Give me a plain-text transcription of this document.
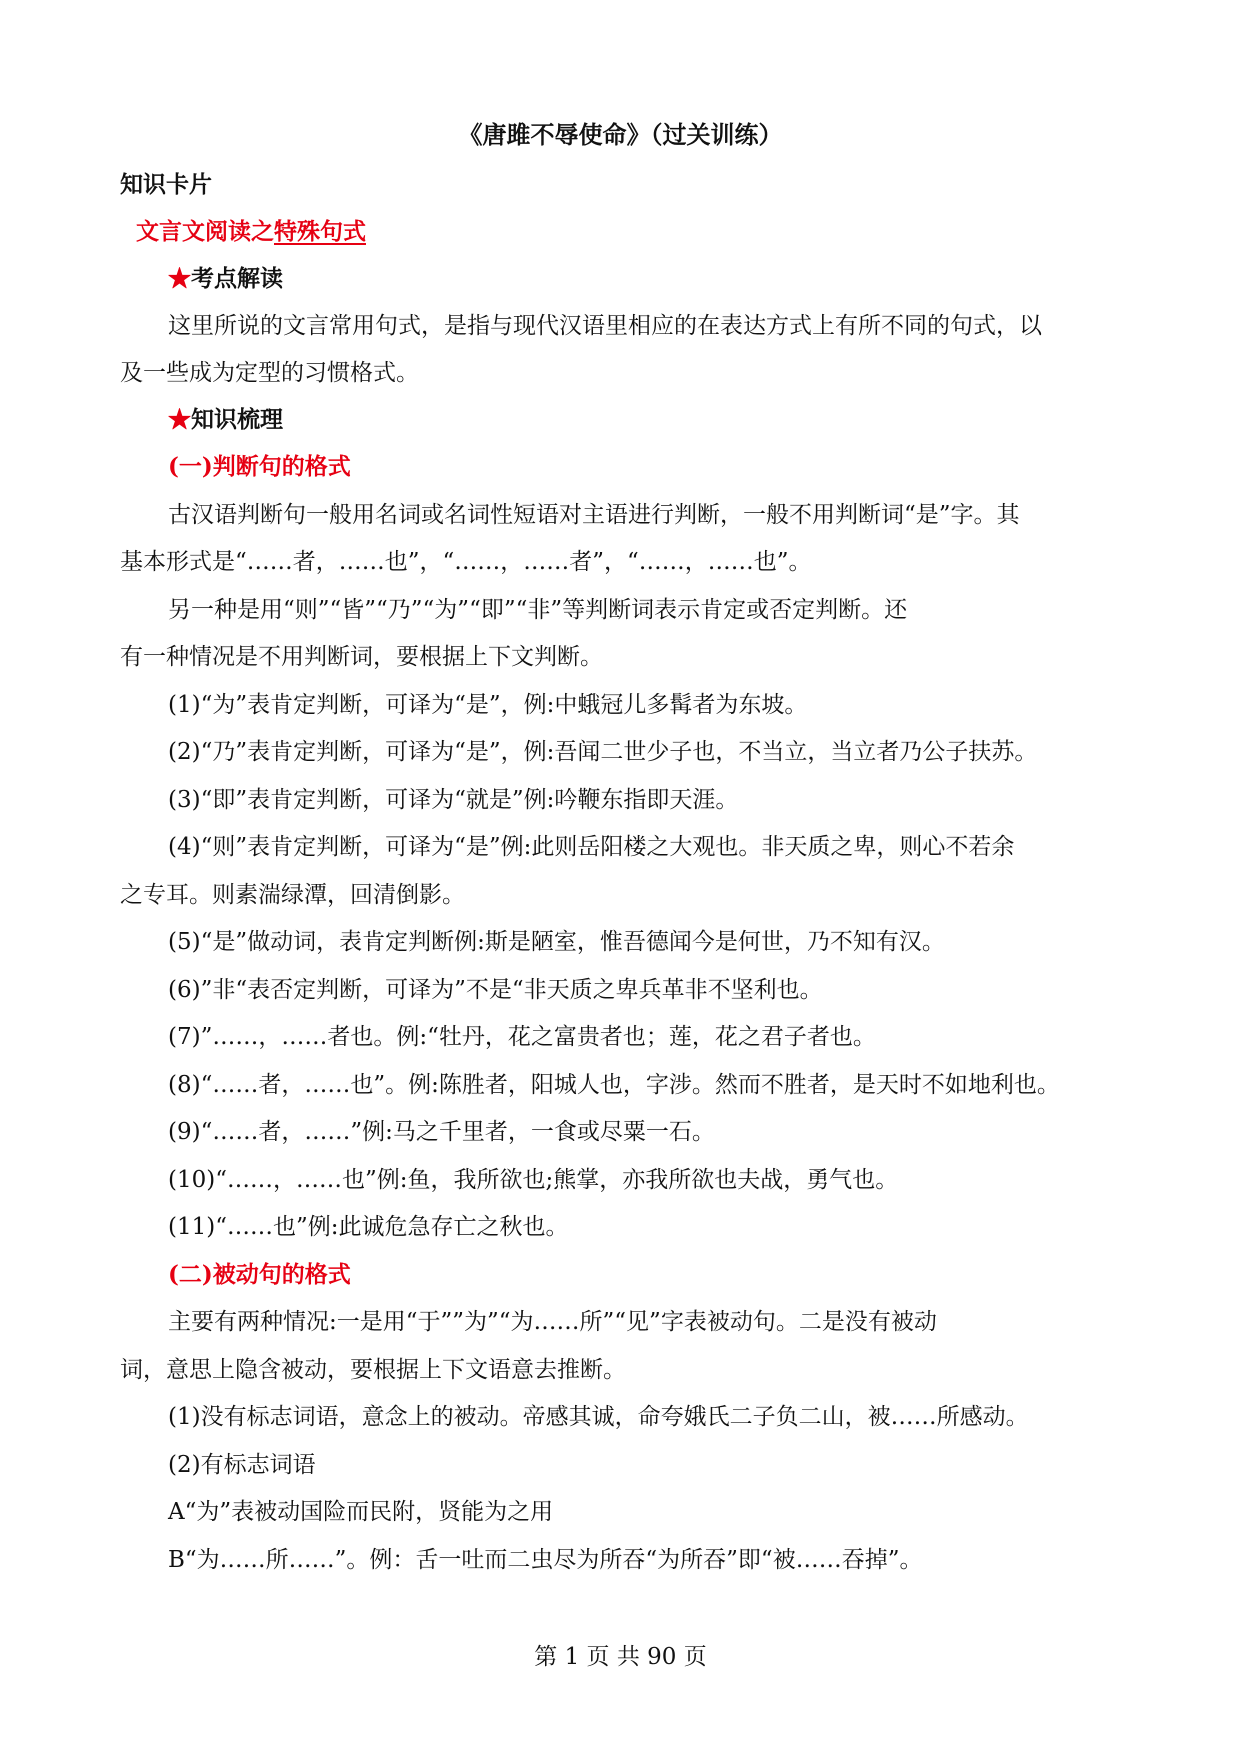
《唐雎不辱使命》（过关训练）
知识卡片
文言文阅读之特殊句式
★考点解读
这里所说的文言常用句式，是指与现代汉语里相应的在表达方式上有所不同的句式，以
及一些成为定型的习惯格式。
★知识梳理
(一)判断句的格式
古汉语判断句一般用名词或名词性短语对主语进行判断，一般不用判断词“是”字。其
基本形式是“……者，……也”，“……，……者”，“……，……也”。
另一种是用“则”“皆”“乃”“为”“即”“非”等判断词表示肯定或否定判断。还
有一种情况是不用判断词，要根据上下文判断。
(1)“为”表肯定判断，可译为“是”，例:中蛾冠儿多髯者为东坡。
(2)“乃”表肯定判断，可译为“是”，例:吾闻二世少子也，不当立，当立者乃公子扶苏。
(3)“即”表肯定判断，可译为“就是”例:吟鞭东指即天涯。
(4)“则”表肯定判断，可译为“是”例:此则岳阳楼之大观也。非天质之卑，则心不若余
之专耳。则素湍绿潭，回清倒影。
(5)“是”做动词，表肯定判断例:斯是陋室，惟吾德闻今是何世，乃不知有汉。
(6)”非“表否定判断，可译为”不是“非天质之卑兵革非不坚利也。
(7)”……，……者也。例:“牡丹，花之富贵者也；莲，花之君子者也。
(8)“……者，……也”。例:陈胜者，阳城人也，字涉。然而不胜者，是天时不如地利也。
(9)“……者，……”例:马之千里者，一食或尽粟一石。
(10)“……，……也”例:鱼，我所欲也;熊掌，亦我所欲也夫战，勇气也。
(11)“……也”例:此诚危急存亡之秋也。
(二)被动句的格式
主要有两种情况:一是用“于””为”“为……所”“见”字表被动句。二是没有被动
词，意思上隐含被动，要根据上下文语意去推断。
(1)没有标志词语，意念上的被动。帝感其诚，命夸娥氏二子负二山，被……所感动。
(2)有标志词语
A“为”表被动国险而民附，贤能为之用
B“为……所……”。例：舌一吐而二虫尽为所吞“为所吞”即“被……吞掉”。
第 1 页 共 90 页
